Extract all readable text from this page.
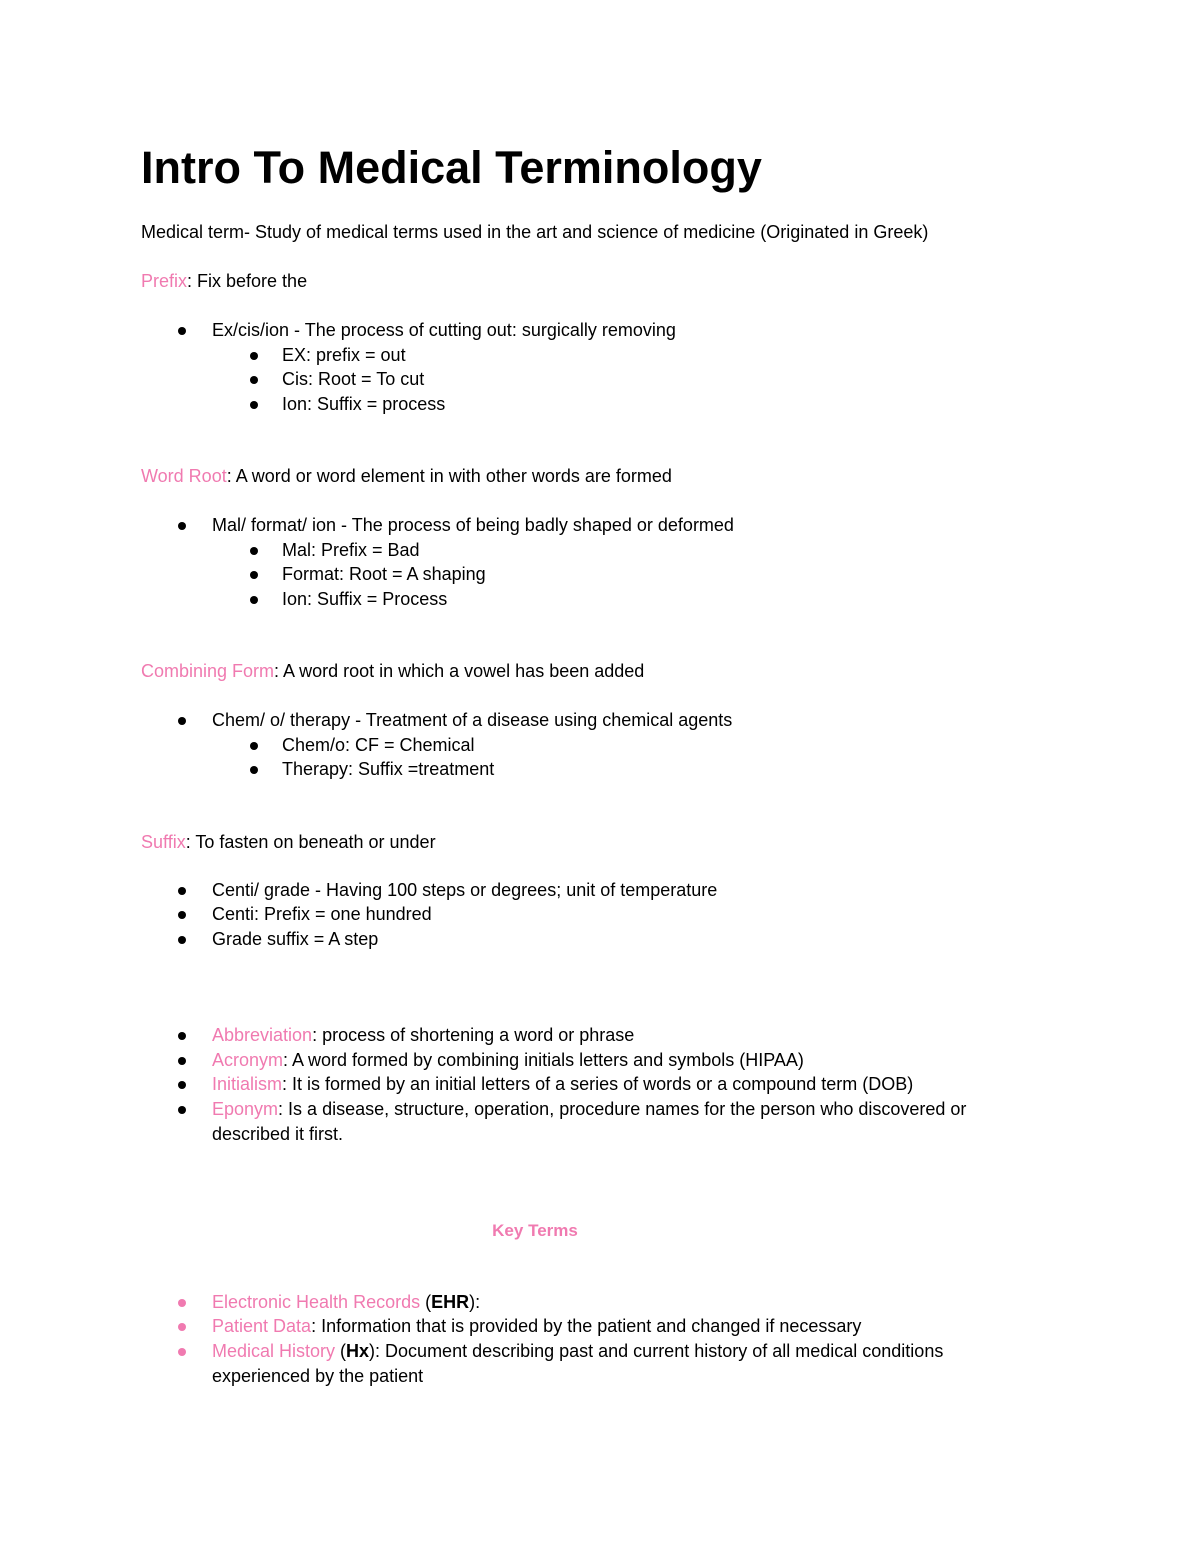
Intro To Medical Terminology

Medical term- Study of medical terms used in the art and science of medicine (Originated in Greek)

Prefix: Fix before the

Ex/cis/ion - The process of cutting out: surgically removing
EX: prefix = out
Cis: Root = To cut
Ion: Suffix = process

Word Root: A word or word element in with other words are formed

Mal/ format/ ion - The process of being badly shaped or deformed
Mal: Prefix = Bad
Format: Root = A shaping
Ion: Suffix = Process

Combining Form: A word root in which a vowel has been added

Chem/ o/ therapy - Treatment of a disease using chemical agents
Chem/o: CF = Chemical
Therapy: Suffix =treatment

Suffix: To fasten on beneath or under

Centi/ grade - Having 100 steps or degrees; unit of temperature
Centi: Prefix = one hundred
Grade suffix = A step
Abbreviation: process of shortening a word or phrase
Acronym: A word formed by combining initials letters and symbols (HIPAA)
Initialism: It is formed by an initial letters of a series of words or a compound term (DOB)
Eponym: Is a disease, structure, operation, procedure names for the person who discovered or described it first.
Key Terms
Electronic Health Records (EHR):
Patient Data: Information that is provided by the patient and changed if necessary
Medical History (Hx): Document describing past and current history of all medical conditions experienced by the patient
